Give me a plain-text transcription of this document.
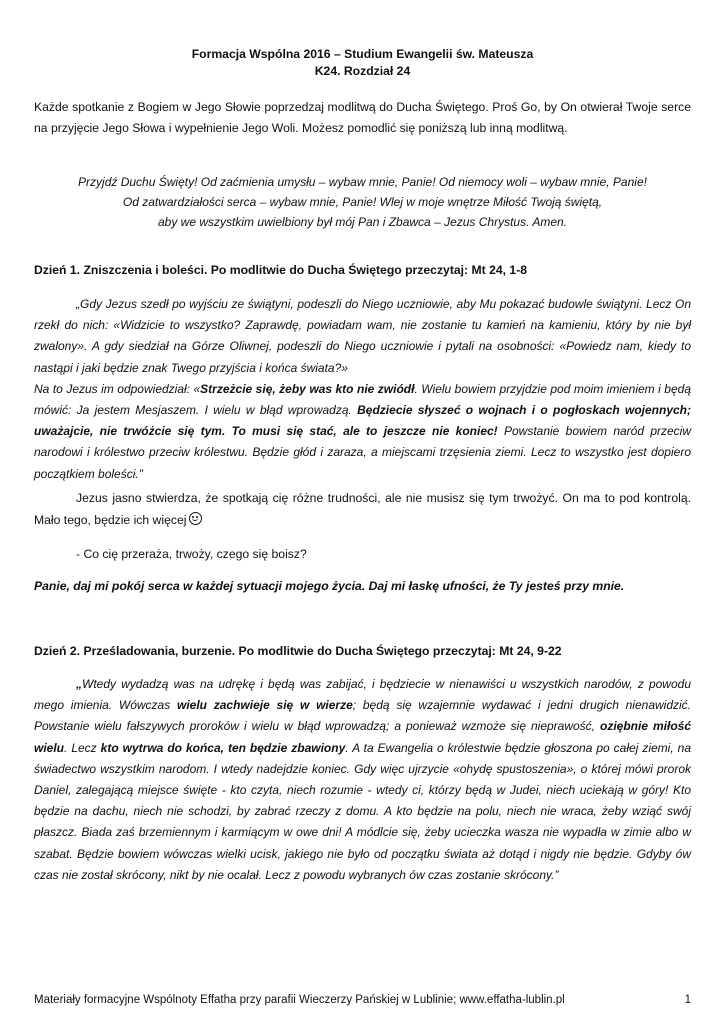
Formacja Wspólna 2016 – Studium Ewangelii św. Mateusza
K24. Rozdział 24
Każde spotkanie z Bogiem w Jego Słowie poprzedzaj modlitwą do Ducha Świętego. Proś Go, by On otwierał Twoje serce na przyjęcie Jego Słowa i wypełnienie Jego Woli. Możesz pomodlić się poniższą lub inną modlitwą.
Przyjdź Duchu Święty! Od zaćmienia umysłu – wybaw mnie, Panie! Od niemocy woli – wybaw mnie, Panie!
Od zatwardziałości serca – wybaw mnie, Panie! Wlej w moje wnętrze Miłość Twoją świętą,
aby we wszystkim uwielbiony był mój Pan i Zbawca – Jezus Chrystus. Amen.
Dzień 1. Zniszczenia i boleści. Po modlitwie do Ducha Świętego przeczytaj: Mt 24, 1-8
„Gdy Jezus szedł po wyjściu ze świątyni, podeszli do Niego uczniowie, aby Mu pokazać budowle świątyni. Lecz On rzekł do nich: «Widzicie to wszystko? Zaprawdę, powiadam wam, nie zostanie tu kamień na kamieniu, który by nie był zwalony». A gdy siedział na Górze Oliwnej, podeszli do Niego uczniowie i pytali na osobności: «Powiedz nam, kiedy to nastąpi i jaki będzie znak Twego przyjścia i końca świata?»
Na to Jezus im odpowiedział: «Strzeżcie się, żeby was kto nie zwiódł. Wielu bowiem przyjdzie pod moim imieniem i będą mówić: Ja jestem Mesjaszem. I wielu w błąd wprowadzą. Będziecie słyszeć o wojnach i o pogłoskach wojennych; uważajcie, nie trwóżcie się tym. To musi się stać, ale to jeszcze nie koniec! Powstanie bowiem naród przeciw narodowi i królestwo przeciw królestwu. Będzie głód i zaraza, a miejscami trzęsienia ziemi. Lecz to wszystko jest dopiero początkiem boleści.”
Jezus jasno stwierdza, że spotkają cię różne trudności, ale nie musisz się tym trwożyć. On ma to pod kontrolą. Mało tego, będzie ich więcej
- Co cię przeraża, trwoży, czego się boisz?
Panie, daj mi pokój serca w każdej sytuacji mojego życia. Daj mi łaskę ufności, że Ty jesteś przy mnie.
Dzień 2. Prześladowania, burzenie. Po modlitwie do Ducha Świętego przeczytaj: Mt 24, 9-22
„Wtedy wydadzą was na udrękę i będą was zabijać, i będziecie w nienawiści u wszystkich narodów, z powodu mego imienia. Wówczas wielu zachwieje się w wierze; będą się wzajemnie wydawać i jedni drugich nienawidzić. Powstanie wielu fałszywych proroków i wielu w błąd wprowadzą; a ponieważ wzmoże się nieprawość, oziębnie miłość wielu. Lecz kto wytrwa do końca, ten będzie zbawiony. A ta Ewangelia o królestwie będzie głoszona po całej ziemi, na świadectwo wszystkim narodom. I wtedy nadejdzie koniec. Gdy więc ujrzycie «ohydę spustoszenia», o której mówi prorok Daniel, zalegającą miejsce święte - kto czyta, niech rozumie - wtedy ci, którzy będą w Judei, niech uciekają w góry! Kto będzie na dachu, niech nie schodzi, by zabrać rzeczy z domu. A kto będzie na polu, niech nie wraca, żeby wziąć swój płaszcz. Biada zaś brzemiennym i karmiącym w owe dni! A módlcie się, żeby ucieczka wasza nie wypadła w zimie albo w szabat. Będzie bowiem wówczas wielki ucisk, jakiego nie było od początku świata aż dotąd i nigdy nie będzie. Gdyby ów czas nie został skrócony, nikt by nie ocalał. Lecz z powodu wybranych ów czas zostanie skrócony.”
Materiały formacyjne Wspólnoty Effatha przy parafii Wieczerzy Pańskiej w Lublinie; www.effatha-lublin.pl	1
